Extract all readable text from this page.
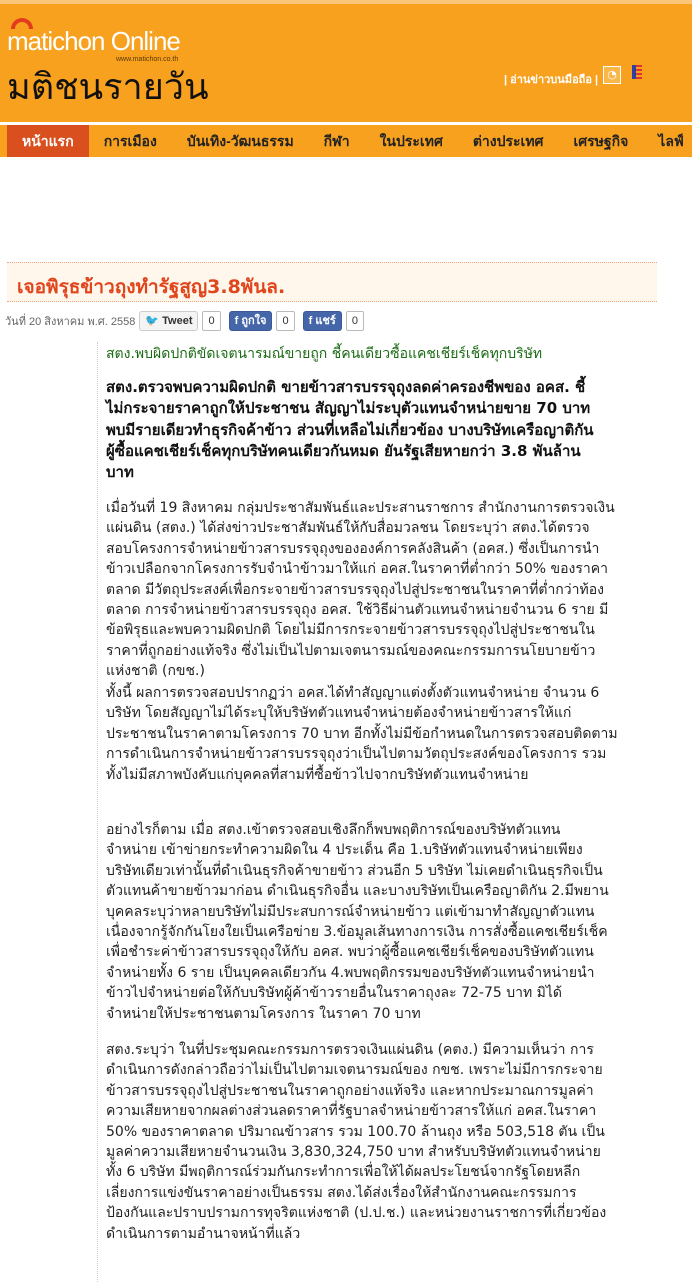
matichon Online
www.matichon.co.th
มติชนรายวัน	| อ่านข่าวบนมือถือ | ◔
หน้าแรก	การเมือง	บันเทิง-วัฒนธรรม	กีฬา	ในประเทศ	ต่างประเทศ	เศรษฐกิจ	ไลฟ์
เจอพิรุธข้าวถุงทำรัฐสูญ3.8พันล.
วันที่ 20 สิงหาคม พ.ศ. 2558 🐦 Tweet	0	f ถูกใจ	0	f แชร์	0
สตง.พบผิดปกติขัดเจตนารมณ์ขายถูก ชี้คนเดียวซื้อแคชเชียร์เช็คทุกบริษัท
สตง.ตรวจพบความผิดปกติ ขายข้าวสารบรรจุถุงลดค่าครองชีพของ อคส. ชี้
ไม่กระจายราคาถูกให้ประชาชน สัญญาไม่ระบุตัวแทนจำหน่ายขาย 70 บาท
พบมีรายเดียวทำธุรกิจค้าข้าว ส่วนที่เหลือไม่เกี่ยวข้อง บางบริษัทเครือญาติกัน
ผู้ซื้อแคชเชียร์เช็คทุกบริษัทคนเดียวกันหมด ยันรัฐเสียหายกว่า 3.8 พันล้าน
บาท
เมื่อวันที่ 19 สิงหาคม กลุ่มประชาสัมพันธ์และประสานราชการ สำนักงานการตรวจเงิน
แผ่นดิน (สตง.) ได้ส่งข่าวประชาสัมพันธ์ให้กับสื่อมวลชน โดยระบุว่า สตง.ได้ตรวจ
สอบโครงการจำหน่ายข้าวสารบรรจุถุงขององค์การคลังสินค้า (อคส.) ซึ่งเป็นการนำ
ข้าวเปลือกจากโครงการรับจำนำข้าวมาให้แก่ อคส.ในราคาที่ต่ำกว่า 50% ของราคา
ตลาด มีวัตถุประสงค์เพื่อกระจายข้าวสารบรรจุถุงไปสู่ประชาชนในราคาที่ต่ำกว่าท้อง
ตลาด การจำหน่ายข้าวสารบรรจุถุง อคส. ใช้วิธีผ่านตัวแทนจำหน่ายจำนวน 6 ราย มี
ข้อพิรุธและพบความผิดปกติ โดยไม่มีการกระจายข้าวสารบรรจุถุงไปสู่ประชาชนใน
ราคาที่ถูกอย่างแท้จริง ซึ่งไม่เป็นไปตามเจตนารมณ์ของคณะกรรมการนโยบายข้าว
แห่งชาติ (กขช.)
ทั้งนี้ ผลการตรวจสอบปรากฏว่า อคส.ได้ทำสัญญาแต่งตั้งตัวแทนจำหน่าย จำนวน 6
บริษัท โดยสัญญาไม่ได้ระบุให้บริษัทตัวแทนจำหน่ายต้องจำหน่ายข้าวสารให้แก่
ประชาชนในราคาตามโครงการ 70 บาท อีกทั้งไม่มีข้อกำหนดในการตรวจสอบติดตาม
การดำเนินการจำหน่ายข้าวสารบรรจุถุงว่าเป็นไปตามวัตถุประสงค์ของโครงการ รวม
ทั้งไม่มีสภาพบังคับแก่บุคคลที่สามที่ซื้อข้าวไปจากบริษัทตัวแทนจำหน่าย
อย่างไรก็ตาม เมื่อ สตง.เข้าตรวจสอบเชิงลึกก็พบพฤติการณ์ของบริษัทตัวแทน
จำหน่าย เข้าข่ายกระทำความผิดใน 4 ประเด็น คือ 1.บริษัทตัวแทนจำหน่ายเพียง
บริษัทเดียวเท่านั้นที่ดำเนินธุรกิจค้าขายข้าว ส่วนอีก 5 บริษัท ไม่เคยดำเนินธุรกิจเป็น
ตัวแทนค้าขายข้าวมาก่อน ดำเนินธุรกิจอื่น และบางบริษัทเป็นเครือญาติกัน 2.มีพยาน
บุคคลระบุว่าหลายบริษัทไม่มีประสบการณ์จำหน่ายข้าว แต่เข้ามาทำสัญญาตัวแทน
เนื่องจากรู้จักกันโยงใยเป็นเครือข่าย 3.ข้อมูลเส้นทางการเงิน การสั่งซื้อแคชเชียร์เช็ค
เพื่อชำระค่าข้าวสารบรรจุถุงให้กับ อคส. พบว่าผู้ซื้อแคชเชียร์เช็คของบริษัทตัวแทน
จำหน่ายทั้ง 6 ราย เป็นบุคคลเดียวกัน 4.พบพฤติกรรมของบริษัทตัวแทนจำหน่ายนำ
ข้าวไปจำหน่ายต่อให้กับบริษัทผู้ค้าข้าวรายอื่นในราคาถุงละ 72-75 บาท มิได้
จำหน่ายให้ประชาชนตามโครงการ ในราคา 70 บาท
สตง.ระบุว่า ในที่ประชุมคณะกรรมการตรวจเงินแผ่นดิน (คตง.) มีความเห็นว่า การ
ดำเนินการดังกล่าวถือว่าไม่เป็นไปตามเจตนารมณ์ของ กขช. เพราะไม่มีการกระจาย
ข้าวสารบรรจุถุงไปสู่ประชาชนในราคาถูกอย่างแท้จริง และหากประมาณการมูลค่า
ความเสียหายจากผลต่างส่วนลดราคาที่รัฐบาลจำหน่ายข้าวสารให้แก่ อคส.ในราคา
50% ของราคาตลาด ปริมาณข้าวสาร รวม 100.70 ล้านถุง หรือ 503,518 ตัน เป็น
มูลค่าความเสียหายจำนวนเงิน 3,830,324,750 บาท สำหรับบริษัทตัวแทนจำหน่าย
ทั้ง 6 บริษัท มีพฤติการณ์ร่วมกันกระทำการเพื่อให้ได้ผลประโยชน์จากรัฐโดยหลีก
เลี่ยงการแข่งขันราคาอย่างเป็นธรรม สตง.ได้ส่งเรื่องให้สำนักงานคณะกรรมการ
ป้องกันและปราบปรามการทุจริตแห่งชาติ (ป.ป.ช.) และหน่วยงานราชการที่เกี่ยวข้อง
ดำเนินการตามอำนาจหน้าที่แล้ว
